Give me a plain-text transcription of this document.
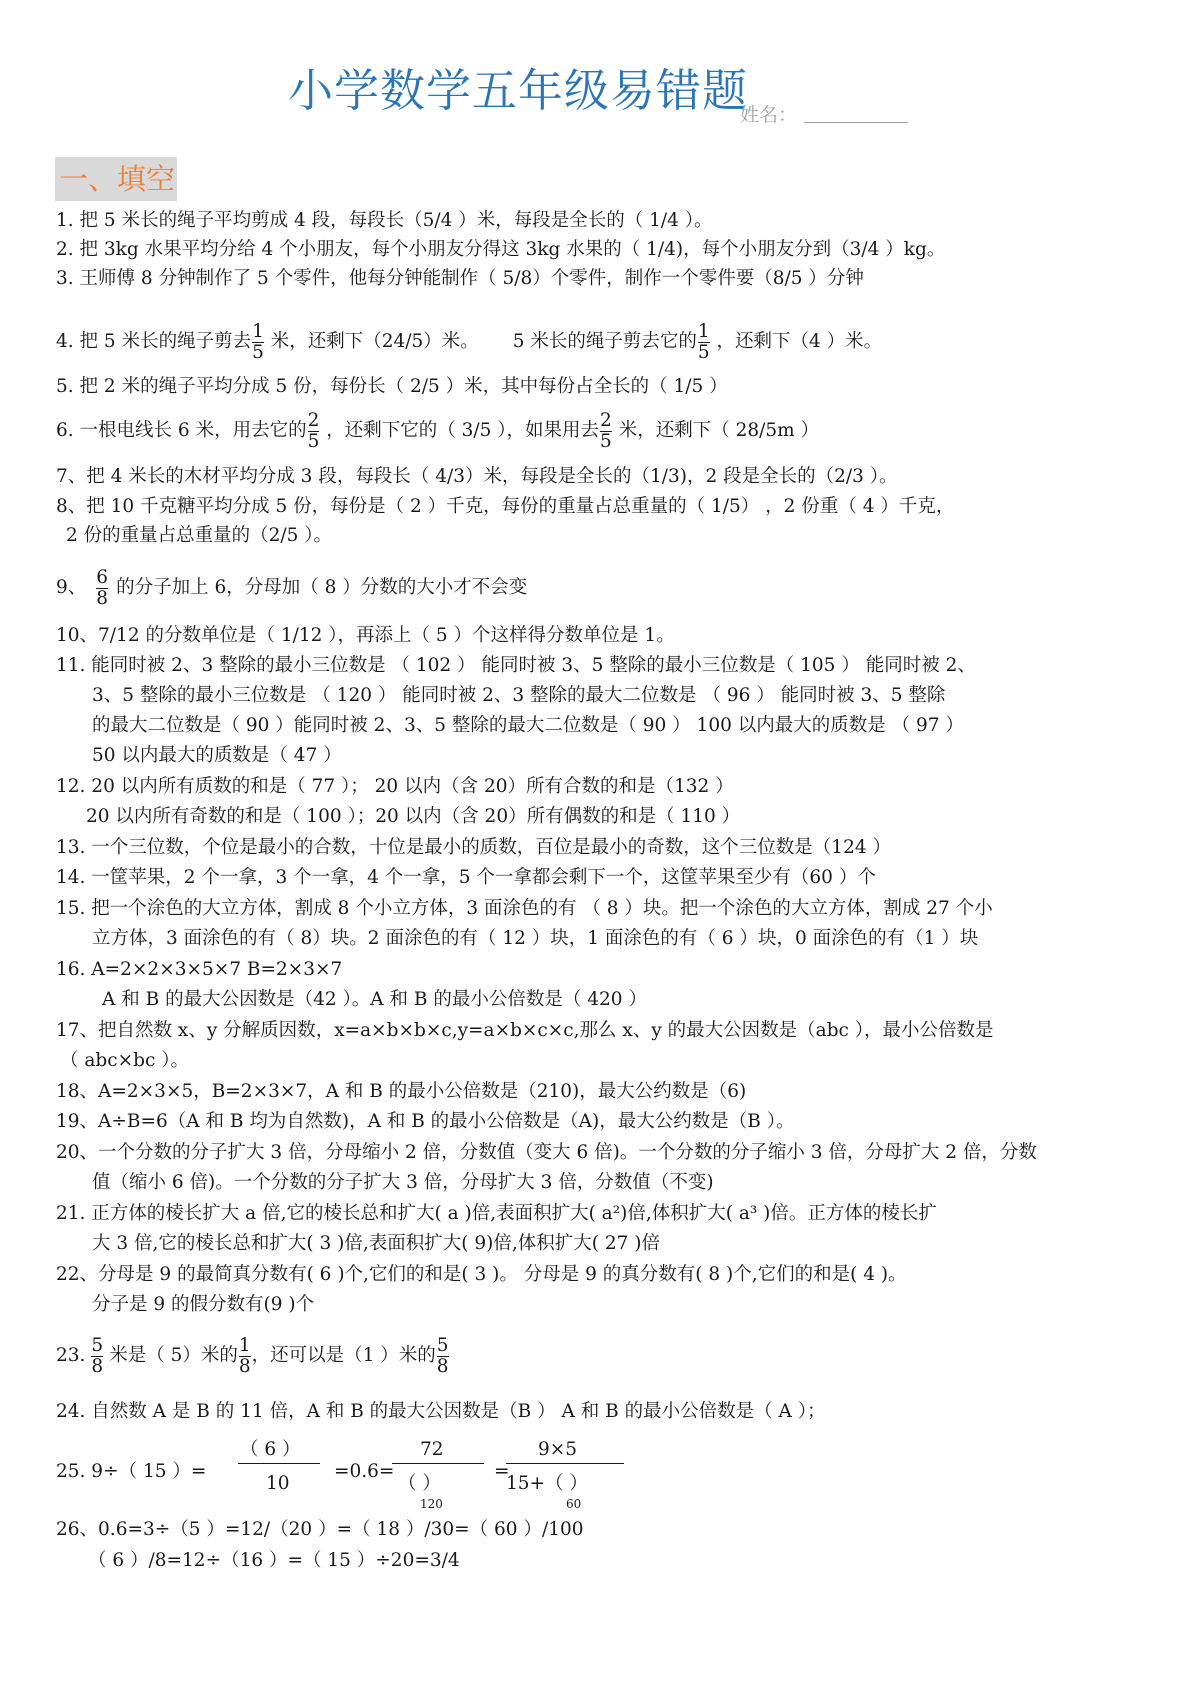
小学数学五年级易错题
姓名：
一、填空
1. 把 5 米长的绳子平均剪成 4 段，每段长（5/4 ）米，每段是全长的（ 1/4 ）。
2. 把 3kg 水果平均分给 4 个小朋友，每个小朋友分得这 3kg 水果的（ 1/4)，每个小朋友分到（3/4 ）kg。
3. 王师傅 8 分钟制作了 5 个零件，他每分钟能制作（ 5/8）个零件，制作一个零件要（8/5 ）分钟
4. 把 5 米长的绳子剪去 $\frac{1}{5}$ 米，还剩下（24/5）米。 5 米长的绳子剪去它的 $\frac{1}{5}$ ，还剩下（4 ）米。
5. 把 2 米的绳子平均分成 5 份，每份长（ 2/5 ）米，其中每份占全长的（ 1/5 ）
6. 一根电线长 6 米，用去它的 $\frac{2}{5}$ ，还剩下它的（ 3/5 ），如果用去 $\frac{2}{5}$ 米，还剩下（ 28/5m ）
7、把 4 米长的木材平均分成 3 段，每段长（ 4/3）米，每段是全长的（1/3)，2 段是全长的（2/3 ）。
8、把 10 千克糖平均分成 5 份，每份是（ 2 ）千克，每份的重量占总重量的（ 1/5） ，2 份重（ 4 ）千克，
2 份的重量占总重量的（2/5 ）。
9、 $\frac{6}{8}$ 的分子加上 6，分母加（ 8 ）分数的大小才不会变
10、7/12 的分数单位是（ 1/12 ），再添上（ 5 ）个这样得分数单位是 1。
11. 能同时被 2、3 整除的最小三位数是 （ 102 ） 能同时被 3、5 整除的最小三位数是（ 105 ） 能同时被 2、
3、5 整除的最小三位数是 （ 120 ） 能同时被 2、3 整除的最大二位数是 （ 96 ） 能同时被 3、5 整除
的最大二位数是（ 90 ）能同时被 2、3、5 整除的最大二位数是（ 90 ） 100 以内最大的质数是 （ 97 ）
50 以内最大的质数是（ 47 ）
12. 20 以内所有质数的和是（ 77 ）； 20 以内（含 20）所有合数的和是（132 ）
20 以内所有奇数的和是（ 100 ）；20 以内（含 20）所有偶数的和是（ 110 ）
13. 一个三位数，个位是最小的合数，十位是最小的质数，百位是最小的奇数，这个三位数是（124 ）
14. 一筐苹果，2 个一拿，3 个一拿，4 个一拿，5 个一拿都会剩下一个，这筐苹果至少有（60 ）个
15. 把一个涂色的大立方体，割成 8 个小立方体，3 面涂色的有 （ 8 ）块。把一个涂色的大立方体，割成 27 个小
立方体，3 面涂色的有（ 8）块。2 面涂色的有（ 12 ）块，1 面涂色的有（ 6 ）块，0 面涂色的有（1 ）块
16. A=2×2×3×5×7 B=2×3×7
A 和 B 的最大公因数是（42 ）。A 和 B 的最小公倍数是（ 420 ）
17、把自然数 x、y 分解质因数，x=a×b×b×c,y=a×b×c×c,那么 x、y 的最大公因数是（abc ），最小公倍数是
（ abc×bc ）。
18、A=2×3×5，B=2×3×7，A 和 B 的最小公倍数是（210)，最大公约数是（6)
19、A÷B=6（A 和 B 均为自然数)，A 和 B 的最小公倍数是（A)，最大公约数是（B ）。
20、一个分数的分子扩大 3 倍，分母缩小 2 倍，分数值（变大 6 倍)。一个分数的分子缩小 3 倍，分母扩大 2 倍，分数
值（缩小 6 倍)。一个分数的分子扩大 3 倍，分母扩大 3 倍，分数值（不变)
21. 正方体的棱长扩大 a 倍,它的棱长总和扩大( a )倍,表面积扩大( a²)倍,体积扩大( a³ )倍。正方体的棱长扩
大 3 倍,它的棱长总和扩大( 3 )倍,表面积扩大( 9)倍,体积扩大( 27 )倍
22、分母是 9 的最简真分数有( 6 )个,它们的和是( 3 )。 分母是 9 的真分数有( 8 )个,它们的和是( 4 )。
分子是 9 的假分数有(9 )个
23. $\frac{5}{8}$ 米是（ 5）米的 $\frac{1}{8}$ ，还可以是（1 ）米的 $\frac{5}{8}$
24. 自然数 A 是 B 的 11 倍，A 和 B 的最大公因数是（B ） A 和 B 的最小公倍数是（ A ）；
25. 9÷（ 15 ）=
（ 6 ）
10
=0.6=
72
（ ）
120
=
9×5
15+（ ）
60
26、0.6=3÷（5 ）=12/（20 ）=（ 18 ）/30=（ 60 ）/100
（ 6 ）/8=12÷（16 ）=（ 15 ）÷20=3/4
